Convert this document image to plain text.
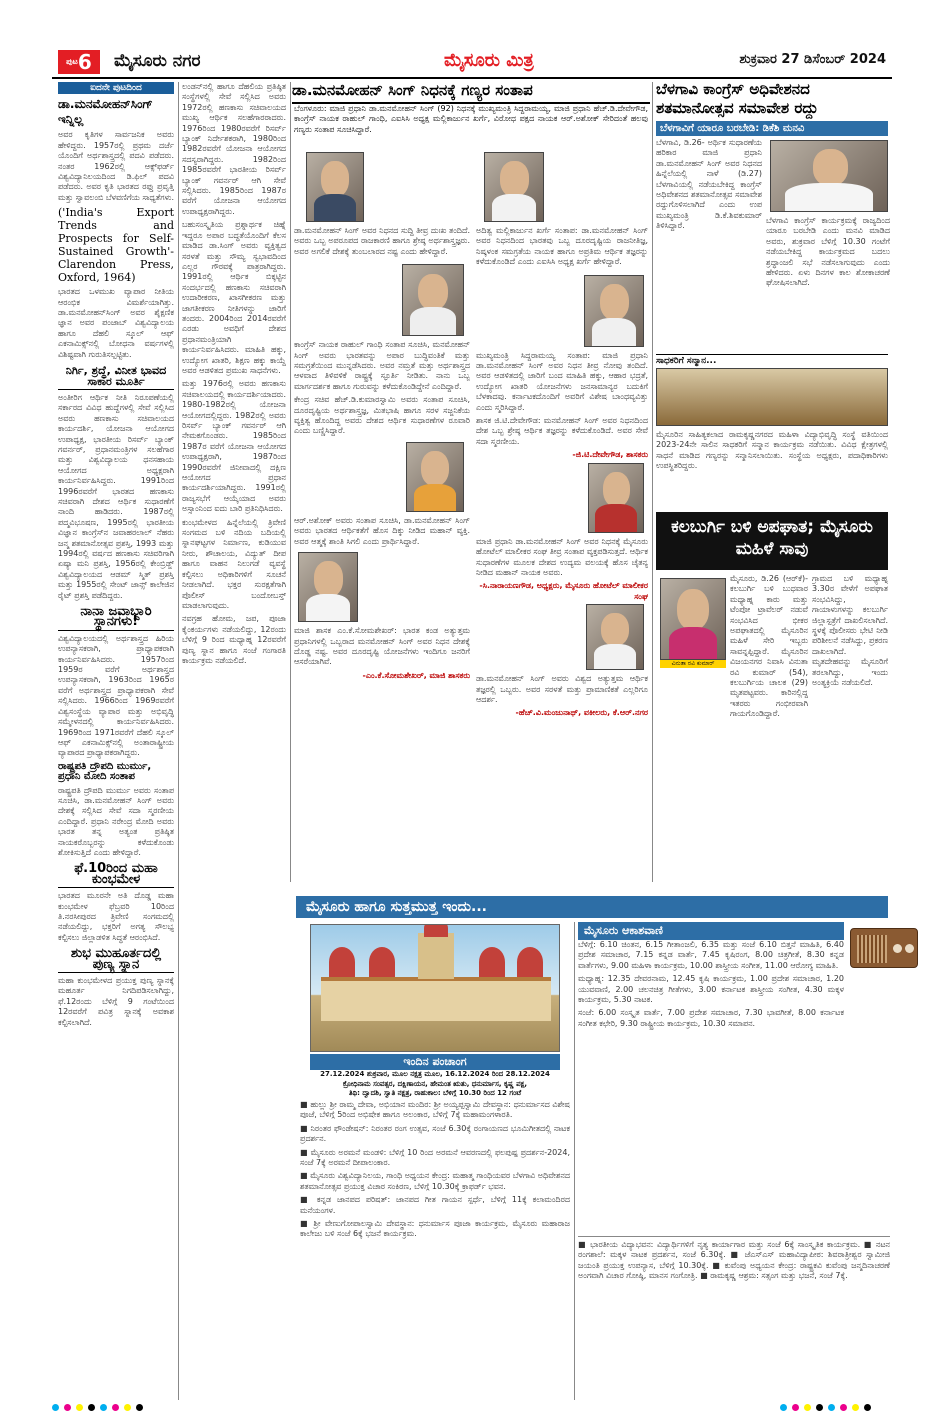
$^{ಪುಟ}$6	ಮೈಸೂರು ನಗರ	ಮೈಸೂರು ಮಿತ್ರ	ಶುಕ್ರವಾರ 27 ಡಿಸೆಂಬರ್ 2024
ಐದನೇ ಪುಟದಿಂದ
ಡಾ.ಮನಮೋಹನ್‌ಸಿಂಗ್ ಇನ್ನಿಲ್ಲ

ಅವರ ಕೃತಿಗಳ ಸಾರ್ವಜನಿಕ ಅವರು ಹೇಳಿದ್ದರು. 1957ರಲ್ಲಿ ಪ್ರಥಮ ದರ್ಜೆ ಯೊಂದಿಗೆ ಅರ್ಥಶಾಸ್ತ್ರದಲ್ಲಿ ಪದವಿ ಪಡೆದರು. ನಂತರ 1962ರಲ್ಲಿ ಆಕ್ಸ್‌ಫರ್ಡ್ ವಿಶ್ವವಿದ್ಯಾನಿಲಯದಿಂದ ಡಿ.ಫಿಲ್ ಪದವಿ ಪಡೆದರು. ಅವರ ಕೃತಿ ಭಾರತದ ರಫ್ತು ಪ್ರವೃತ್ತಿ ಮತ್ತು ಸ್ವಾವಲಂಬಿ ಬೆಳವಣಿಗೆಯ ಸಾಧ್ಯತೆಗಳು.

('India's Export Trends and Prospects for Self-Sustained Growth'-Clarendon Press, Oxford, 1964)

ಭಾರತದ ಒಳಮುಖ ವ್ಯಾಪಾರ ನೀತಿಯ ಆರಂಭಿಕ ವಿಮರ್ಶೆಯಾಗಿತ್ತು. ಡಾ.ಮನಮೋಹನ್‌ಸಿಂಗ್ ಅವರ ಶೈಕ್ಷಣಿಕ ಜ್ಞಾನ ಅವರ ಪಂಜಾಬ್ ವಿಶ್ವವಿದ್ಯಾಲಯ ಹಾಗೂ ದೆಹಲಿ ಸ್ಕೂಲ್ ಆಫ್ ಎಕನಾಮಿಕ್ಸ್‌ನಲ್ಲಿ ಬೋಧನಾ ವರ್ಷಗಳಲ್ಲಿ ವಿಶಿಷ್ಟವಾಗಿ ಗುರುತಿಸಲ್ಪಟ್ಟಿತು.

ನಿರ್ಗಿ, ಶ್ರದ್ಧೆ, ವಿನೀತ ಭಾವದ ಸಾಕಾರ ಮೂರ್ತಿ

ಅಂತೀರಿಗ ಆರ್ಥಿಕ ನೀತಿ ನಿರೂಪಣೆಯಲ್ಲಿ ಸರ್ಕಾರದ ವಿವಿಧ ಹುದ್ದೆಗಳಲ್ಲಿ ಸೇವೆ ಸಲ್ಲಿಸಿದ ಅವರು ಹಣಕಾಸು ಸಚಿವಾಲಯದ ಕಾರ್ಯದರ್ಶಿ, ಯೋಜನಾ ಆಯೋಗದ ಉಪಾಧ್ಯಕ್ಷ, ಭಾರತೀಯ ರಿಸರ್ವ್ ಬ್ಯಾಂಕ್ ಗವರ್ನರ್, ಪ್ರಧಾನಮಂತ್ರಿಗಳ ಸಲಹೆಗಾರ ಮತ್ತು ವಿಶ್ವವಿದ್ಯಾಲಯ ಧನಸಹಾಯ ಆಯೋಗದ ಅಧ್ಯಕ್ಷರಾಗಿ ಕಾರ್ಯನಿರ್ವಹಿಸಿದ್ದರು. 1991ರಿಂದ 1996ರವರೆಗೆ ಭಾರತದ ಹಣಕಾಸು ಸಚಿವರಾಗಿ ದೇಶದ ಆರ್ಥಿಕ ಸುಧಾರಣೆಗೆ ನಾಂದಿ ಹಾಡಿದರು. 1987ರಲ್ಲಿ ಪದ್ಮವಿಭೂಷಣ, 1995ರಲ್ಲಿ ಭಾರತೀಯ ವಿಜ್ಞಾನ ಕಾಂಗ್ರೆಸ್‌ನ ಜವಾಹರಲಾಲ್ ನೆಹರು ಜನ್ಮ ಶತಮಾನೋತ್ಸವ ಪ್ರಶಸ್ತಿ, 1993 ಮತ್ತು 1994ರಲ್ಲಿ ವರ್ಷದ ಹಣಕಾಸು ಸಚಿವರಿಗಾಗಿ ಏಷ್ಯಾ ಮನಿ ಪ್ರಶಸ್ತಿ, 1956ರಲ್ಲಿ ಕೇಂಬ್ರಿಡ್ಜ್ ವಿಶ್ವವಿದ್ಯಾಲಯದ ಆಡಮ್ ಸ್ಮಿತ್ ಪ್ರಶಸ್ತಿ ಮತ್ತು 1955ರಲ್ಲಿ ಸೇಂಟ್ ಜಾನ್ಸ್ ಕಾಲೇಜಿನ ರೈಟ್ ಪ್ರಶಸ್ತಿ ಪಡೆದಿದ್ದರು.

ನಾನಾ ಜವಾಬ್ದಾರಿ ಸ್ಥಾನಗಳು!

ವಿಶ್ವವಿದ್ಯಾಲಯದಲ್ಲಿ ಅರ್ಥಶಾಸ್ತ್ರದ ಹಿರಿಯ ಉಪನ್ಯಾಸಕರಾಗಿ, ಪ್ರಾಧ್ಯಾಪಕರಾಗಿ ಕಾರ್ಯನಿರ್ವಹಿಸಿದರು. 1957ರಿಂದ 1959ರ ವರೆಗೆ ಅರ್ಥಶಾಸ್ತ್ರದ ಉಪನ್ಯಾಸಕರಾಗಿ, 1963ರಿಂದ 1965ರ ವರೆಗೆ ಅರ್ಥಶಾಸ್ತ್ರದ ಪ್ರಾಧ್ಯಾಪಕರಾಗಿ ಸೇವೆ ಸಲ್ಲಿಸಿದರು. 1966ರಿಂದ 1969ರವರೆಗೆ ವಿಶ್ವಸಂಸ್ಥೆಯ ವ್ಯಾಪಾರ ಮತ್ತು ಅಭಿವೃದ್ಧಿ ಸಮ್ಮೇಳನದಲ್ಲಿ ಕಾರ್ಯನಿರ್ವಹಿಸಿದರು. 1969ರಿಂದ 1971ರವರೆಗೆ ದೆಹಲಿ ಸ್ಕೂಲ್ ಆಫ್ ಎಕನಾಮಿಕ್ಸ್‌ನಲ್ಲಿ ಅಂತಾರಾಷ್ಟ್ರೀಯ ವ್ಯಾಪಾರದ ಪ್ರಾಧ್ಯಾಪಕರಾಗಿದ್ದರು.

ರಾಷ್ಟ್ರಪತಿ ದ್ರೌಪದಿ ಮುರ್ಮು, ಪ್ರಧಾನಿ ಮೋದಿ ಸಂತಾಪ

ರಾಷ್ಟ್ರಪತಿ ದ್ರೌಪದಿ ಮುರ್ಮು ಅವರು ಸಂತಾಪ ಸೂಚಿಸಿ, ಡಾ.ಮನಮೋಹನ್ ಸಿಂಗ್ ಅವರು ದೇಶಕ್ಕೆ ಸಲ್ಲಿಸಿದ ಸೇವೆ ಸದಾ ಸ್ಮರಣೀಯ ಎಂದಿದ್ದಾರೆ. ಪ್ರಧಾನಿ ನರೇಂದ್ರ ಮೋದಿ ಅವರು ಭಾರತ ತನ್ನ ಅತ್ಯಂತ ಪ್ರತಿಷ್ಠಿತ ನಾಯಕರೊಬ್ಬರನ್ನು ಕಳೆದುಕೊಂಡು ಶೋಕಿಸುತ್ತಿದೆ ಎಂದು ಹೇಳಿದ್ದಾರೆ.

ಫೆ.10ರಿಂದ ಮಹಾ ಕುಂಭಮೇಳ

ಭಾರತದ ಮೂರನೇ ಅತಿ ದೊಡ್ಡ ಮಹಾ ಕುಂಭಮೇಳ ಫೆಬ್ರವರಿ 10ರಿಂದ ತಿ.ನರಸೀಪುರದ ತ್ರಿವೇಣಿ ಸಂಗಮದಲ್ಲಿ ನಡೆಯಲಿದ್ದು, ಭಕ್ತರಿಗೆ ಅಗತ್ಯ ಸೌಲಭ್ಯ ಕಲ್ಪಿಸಲು ಜಿಲ್ಲಾಡಳಿತ ಸಿದ್ಧತೆ ಆರಂಭಿಸಿದೆ.

ಶುಭ ಮುಹೂರ್ತದಲ್ಲಿ ಪುಣ್ಯ ಸ್ನಾನ

ಮಹಾ ಕುಂಭಮೇಳದ ಪ್ರಯುಕ್ತ ಪುಣ್ಯ ಸ್ನಾನಕ್ಕೆ ಮಹೂರ್ತ ನಿಗದಿಪಡಿಸಲಾಗಿದ್ದು, ಫೆ.12ರಂದು ಬೆಳಿಗ್ಗೆ 9 ಗಂಟೆಯಿಂದ 12ರವರೆಗೆ ಪವಿತ್ರ ಸ್ನಾನಕ್ಕೆ ಅವಕಾಶ ಕಲ್ಪಿಸಲಾಗಿದೆ.

ಲಂಡನ್‌ನಲ್ಲಿ ಹಾಗೂ ದೆಹಲಿಯ ಪ್ರತಿಷ್ಠಿತ ಸಂಸ್ಥೆಗಳಲ್ಲಿ ಸೇವೆ ಸಲ್ಲಿಸಿದ ಅವರು 1972ರಲ್ಲಿ ಹಣಕಾಸು ಸಚಿವಾಲಯದ ಮುಖ್ಯ ಆರ್ಥಿಕ ಸಲಹೆಗಾರರಾದರು. 1976ರಿಂದ 1980ರವರೆಗೆ ರಿಸರ್ವ್ ಬ್ಯಾಂಕ್ ನಿರ್ದೇಶಕರಾಗಿ, 1980ರಿಂದ 1982ರವರೆಗೆ ಯೋಜನಾ ಆಯೋಗದ ಸದಸ್ಯರಾಗಿದ್ದರು. 1982ರಿಂದ 1985ರವರೆಗೆ ಭಾರತೀಯ ರಿಸರ್ವ್ ಬ್ಯಾಂಕ್ ಗವರ್ನರ್ ಆಗಿ ಸೇವೆ ಸಲ್ಲಿಸಿದರು. 1985ರಿಂದ 1987ರ ವರೆಗೆ ಯೋಜನಾ ಆಯೋಗದ ಉಪಾಧ್ಯಕ್ಷರಾಗಿದ್ದರು.

ಬಹುಸಂಸ್ಕೃತಿಯ ಪ್ರಶ್ನಾರ್ಥಕ ಚಿಹ್ನೆ ಇದ್ದರೂ ಅಪಾರ ಬದ್ಧತೆಯೊಂದಿಗೆ ಕೆಲಸ ಮಾಡಿದ ಡಾ.ಸಿಂಗ್ ಅವರು ವ್ಯಕ್ತಿತ್ವದ ಸರಳತೆ ಮತ್ತು ಸೌಮ್ಯ ಸ್ವಭಾವದಿಂದ ಎಲ್ಲರ ಗೌರವಕ್ಕೆ ಪಾತ್ರರಾಗಿದ್ದರು. 1991ರಲ್ಲಿ ಆರ್ಥಿಕ ಬಿಕ್ಕಟ್ಟಿನ ಸಂದರ್ಭದಲ್ಲಿ ಹಣಕಾಸು ಸಚಿವರಾಗಿ ಉದಾರೀಕರಣ, ಖಾಸಗೀಕರಣ ಮತ್ತು ಜಾಗತೀಕರಣ ನೀತಿಗಳನ್ನು ಜಾರಿಗೆ ತಂದರು. 2004ರಿಂದ 2014ರವರೆಗೆ ಎರಡು ಅವಧಿಗೆ ದೇಶದ ಪ್ರಧಾನಮಂತ್ರಿಯಾಗಿ ಕಾರ್ಯನಿರ್ವಹಿಸಿದರು. ಮಾಹಿತಿ ಹಕ್ಕು, ಉದ್ಯೋಗ ಖಾತರಿ, ಶಿಕ್ಷಣ ಹಕ್ಕು ಕಾಯ್ದೆ ಅವರ ಆಡಳಿತದ ಪ್ರಮುಖ ಸಾಧನೆಗಳು.

ಮತ್ತು 1976ರಲ್ಲಿ ಅವರು ಹಣಕಾಸು ಸಚಿವಾಲಯದಲ್ಲಿ ಕಾರ್ಯದರ್ಶಿಯಾದರು. 1980-1982ರಲ್ಲಿ ಯೋಜನಾ ಆಯೋಗದಲ್ಲಿದ್ದರು. 1982ರಲ್ಲಿ ಅವರು ರಿಸರ್ವ್ ಬ್ಯಾಂಕ್ ಗವರ್ನರ್ ಆಗಿ ನೇಮಕಗೊಂಡರು. 1985ರಿಂದ 1987ರ ವರೆಗೆ ಯೋಜನಾ ಆಯೋಗದ ಉಪಾಧ್ಯಕ್ಷರಾಗಿ, 1987ರಿಂದ 1990ರವರೆಗೆ ಜಿನೀವಾದಲ್ಲಿ ದಕ್ಷಿಣ ಆಯೋಗದ ಪ್ರಧಾನ ಕಾರ್ಯದರ್ಶಿಯಾಗಿದ್ದರು. 1991ರಲ್ಲಿ ರಾಜ್ಯಸಭೆಗೆ ಆಯ್ಕೆಯಾದ ಅವರು ಅಸ್ಸಾಂನಿಂದ ಐದು ಬಾರಿ ಪ್ರತಿನಿಧಿಸಿದರು.

ಕುಂಭಮೇಳದ ಹಿನ್ನೆಲೆಯಲ್ಲಿ ತ್ರಿವೇಣಿ ಸಂಗಮದ ಬಳಿ ನದಿಯ ಬದಿಯಲ್ಲಿ ಸ್ನಾನಘಟ್ಟಗಳ ನಿರ್ಮಾಣ, ಕುಡಿಯುವ ನೀರು, ಶೌಚಾಲಯ, ವಿದ್ಯುತ್ ದೀಪ ಹಾಗೂ ವಾಹನ ನಿಲುಗಡೆ ವ್ಯವಸ್ಥೆ ಕಲ್ಪಿಸಲು ಅಧಿಕಾರಿಗಳಿಗೆ ಸೂಚನೆ ನೀಡಲಾಗಿದೆ. ಭಕ್ತರ ಸುರಕ್ಷತೆಗಾಗಿ ಪೊಲೀಸ್ ಬಂದೋಬಸ್ತ್ ಮಾಡಲಾಗುವುದು.

ನವಗ್ರಹ ಹೋಮ, ಜಪ, ಪೂಜಾ ಕೈಂಕರ್ಯಗಳು ನಡೆಯಲಿದ್ದು, 12ರಂದು ಬೆಳಿಗ್ಗೆ 9 ರಿಂದ ಮಧ್ಯಾಹ್ನ 12ರವರೆಗೆ ಪುಣ್ಯ ಸ್ನಾನ ಹಾಗೂ ಸಂಜೆ ಗಂಗಾರತಿ ಕಾರ್ಯಕ್ರಮ ನಡೆಯಲಿದೆ.

ಡಾ.ಮನಮೋಹನ್ ಸಿಂಗ್ ನಿಧನಕ್ಕೆ ಗಣ್ಯರ ಸಂತಾಪ

ಬೆಂಗಳೂರು: ಮಾಜಿ ಪ್ರಧಾನಿ ಡಾ.ಮನಮೋಹನ್ ಸಿಂಗ್ (92) ನಿಧನಕ್ಕೆ ಮುಖ್ಯಮಂತ್ರಿ ಸಿದ್ದರಾಮಯ್ಯ, ಮಾಜಿ ಪ್ರಧಾನಿ ಹೆಚ್.ಡಿ.ದೇವೇಗೌಡ, ಕಾಂಗ್ರೆಸ್ ನಾಯಕ ರಾಹುಲ್ ಗಾಂಧಿ, ಎಐಸಿಸಿ ಅಧ್ಯಕ್ಷ ಮಲ್ಲಿಕಾರ್ಜುನ ಖರ್ಗೆ, ವಿರೋಧ ಪಕ್ಷದ ನಾಯಕ ಆರ್.ಅಶೋಕ್ ಸೇರಿದಂತೆ ಹಲವು ಗಣ್ಯರು ಸಂತಾಪ ಸೂಚಿಸಿದ್ದಾರೆ.

ಡಾ.ಮನಮೋಹನ್ ಸಿಂಗ್ ಅವರ ನಿಧನದ ಸುದ್ದಿ ತೀವ್ರ ದುಃಖ ತಂದಿದೆ. ಅವರು ಒಬ್ಬ ಅಪರೂಪದ ರಾಜಕಾರಣಿ ಹಾಗೂ ಶ್ರೇಷ್ಠ ಅರ್ಥಶಾಸ್ತ್ರಜ್ಞರು. ಅವರ ಅಗಲಿಕೆ ದೇಶಕ್ಕೆ ತುಂಬಲಾರದ ನಷ್ಟ ಎಂದು ಹೇಳಿದ್ದಾರೆ.

ಕಾಂಗ್ರೆಸ್ ನಾಯಕ ರಾಹುಲ್ ಗಾಂಧಿ ಸಂತಾಪ ಸೂಚಿಸಿ, ಮನಮೋಹನ್ ಸಿಂಗ್ ಅವರು ಭಾರತವನ್ನು ಅಪಾರ ಬುದ್ಧಿವಂತಿಕೆ ಮತ್ತು ಸಮಗ್ರತೆಯಿಂದ ಮುನ್ನಡೆಸಿದರು. ಅವರ ನಮ್ರತೆ ಮತ್ತು ಅರ್ಥಶಾಸ್ತ್ರದ ಆಳವಾದ ತಿಳಿವಳಿಕೆ ರಾಷ್ಟ್ರಕ್ಕೆ ಸ್ಫೂರ್ತಿ ನೀಡಿತು. ನಾನು ಒಬ್ಬ ಮಾರ್ಗದರ್ಶಕ ಹಾಗೂ ಗುರುವನ್ನು ಕಳೆದುಕೊಂಡಿದ್ದೇನೆ ಎಂದಿದ್ದಾರೆ.

ಕೇಂದ್ರ ಸಚಿವ ಹೆಚ್.ಡಿ.ಕುಮಾರಸ್ವಾಮಿ ಅವರು ಸಂತಾಪ ಸೂಚಿಸಿ, ದೂರದೃಷ್ಟಿಯ ಅರ್ಥಶಾಸ್ತ್ರಜ್ಞ, ಮಿತಭಾಷಿ ಹಾಗೂ ಸರಳ ಸಜ್ಜನಿಕೆಯ ವ್ಯಕ್ತಿತ್ವ ಹೊಂದಿದ್ದ ಅವರು ದೇಶದ ಆರ್ಥಿಕ ಸುಧಾರಣೆಗಳ ರೂವಾರಿ ಎಂದು ಬಣ್ಣಿಸಿದ್ದಾರೆ.

ಆರ್.ಅಶೋಕ್ ಅವರು ಸಂತಾಪ ಸೂಚಿಸಿ, ಡಾ.ಮನಮೋಹನ್ ಸಿಂಗ್ ಅವರು ಭಾರತದ ಆರ್ಥಿಕತೆಗೆ ಹೊಸ ದಿಕ್ಕು ನೀಡಿದ ಮಹಾನ್ ವ್ಯಕ್ತಿ. ಅವರ ಆತ್ಮಕ್ಕೆ ಶಾಂತಿ ಸಿಗಲಿ ಎಂದು ಪ್ರಾರ್ಥಿಸಿದ್ದಾರೆ.

ಮಾಜಿ ಶಾಸಕ ಎಂ.ಕೆ.ಸೋಮಶೇಖರ್: ಭಾರತ ಕಂಡ ಅತ್ಯುತ್ತಮ ಪ್ರಧಾನಿಗಳಲ್ಲಿ ಒಬ್ಬರಾದ ಮನಮೋಹನ್ ಸಿಂಗ್ ಅವರ ನಿಧನ ದೇಶಕ್ಕೆ ದೊಡ್ಡ ನಷ್ಟ. ಅವರ ದೂರದೃಷ್ಟಿ ಯೋಜನೆಗಳು ಇಂದಿಗೂ ಜನರಿಗೆ ಆಸರೆಯಾಗಿವೆ.

-ಎಂ.ಕೆ.ಸೋಮಶೇಖರ್, ಮಾಜಿ ಶಾಸಕರು

ಅದಿತ್ವ ಮಲ್ಲಿಕಾರ್ಜುನ ಖರ್ಗೆ ಸಂತಾಪ: ಡಾ.ಮನಮೋಹನ್ ಸಿಂಗ್ ಅವರ ನಿಧನದಿಂದ ಭಾರತವು ಒಬ್ಬ ದೂರದೃಷ್ಟಿಯ ರಾಜನೀತಿಜ್ಞ, ನಿಷ್ಕಳಂಕ ಸಮಗ್ರತೆಯ ನಾಯಕ ಹಾಗೂ ಅಪ್ರತಿಮ ಆರ್ಥಿಕ ತಜ್ಞರನ್ನು ಕಳೆದುಕೊಂಡಿದೆ ಎಂದು ಎಐಸಿಸಿ ಅಧ್ಯಕ್ಷ ಖರ್ಗೆ ಹೇಳಿದ್ದಾರೆ.

ಮುಖ್ಯಮಂತ್ರಿ ಸಿದ್ದರಾಮಯ್ಯ ಸಂತಾಪ: ಮಾಜಿ ಪ್ರಧಾನಿ ಡಾ.ಮನಮೋಹನ್ ಸಿಂಗ್ ಅವರ ನಿಧನ ತೀವ್ರ ನೋವು ತಂದಿದೆ. ಅವರ ಆಡಳಿತದಲ್ಲಿ ಜಾರಿಗೆ ಬಂದ ಮಾಹಿತಿ ಹಕ್ಕು, ಆಹಾರ ಭದ್ರತೆ, ಉದ್ಯೋಗ ಖಾತರಿ ಯೋಜನೆಗಳು ಜನಸಾಮಾನ್ಯರ ಬದುಕಿಗೆ ಬೆಳಕಾದವು. ಕರ್ನಾಟಕದೊಂದಿಗೆ ಅವರಿಗೆ ವಿಶೇಷ ಬಾಂಧವ್ಯವಿತ್ತು ಎಂದು ಸ್ಮರಿಸಿದ್ದಾರೆ.

ಶಾಸಕ ಜಿ.ಟಿ.ದೇವೇಗೌಡ: ಮನಮೋಹನ್ ಸಿಂಗ್ ಅವರ ನಿಧನದಿಂದ ದೇಶ ಒಬ್ಬ ಶ್ರೇಷ್ಠ ಆರ್ಥಿಕ ತಜ್ಞರನ್ನು ಕಳೆದುಕೊಂಡಿದೆ. ಅವರ ಸೇವೆ ಸದಾ ಸ್ಮರಣೀಯ.

-ಜಿ.ಟಿ.ದೇವೇಗೌಡ, ಶಾಸಕರು

ಮಾಜಿ ಪ್ರಧಾನಿ ಡಾ.ಮನಮೋಹನ್ ಸಿಂಗ್ ಅವರ ನಿಧನಕ್ಕೆ ಮೈಸೂರು ಹೋಟೆಲ್ ಮಾಲೀಕರ ಸಂಘ ತೀವ್ರ ಸಂತಾಪ ವ್ಯಕ್ತಪಡಿಸುತ್ತದೆ. ಆರ್ಥಿಕ ಸುಧಾರಣೆಗಳ ಮೂಲಕ ದೇಶದ ಉದ್ಯಮ ವಲಯಕ್ಕೆ ಹೊಸ ಚೈತನ್ಯ ನೀಡಿದ ಮಹಾನ್ ನಾಯಕ ಅವರು.

-ಸಿ.ನಾರಾಯಣಗೌಡ, ಅಧ್ಯಕ್ಷರು, ಮೈಸೂರು ಹೋಟೆಲ್ ಮಾಲೀಕರ ಸಂಘ

ಡಾ.ಮನಮೋಹನ್ ಸಿಂಗ್ ಅವರು ವಿಶ್ವದ ಅತ್ಯುತ್ತಮ ಆರ್ಥಿಕ ತಜ್ಞರಲ್ಲಿ ಒಬ್ಬರು. ಅವರ ಸರಳತೆ ಮತ್ತು ಪ್ರಾಮಾಣಿಕತೆ ಎಲ್ಲರಿಗೂ ಆದರ್ಶ.

-ಹೆಚ್.ವಿ.ಮಂಜುನಾಥ್, ವಕೀಲರು, ಕೆ.ಆರ್.ನಗರ
ಬೆಳಗಾವಿ ಕಾಂಗ್ರೆಸ್ ಅಧಿವೇಶನದ ಶತಮಾನೋತ್ಸವ ಸಮಾವೇಶ ರದ್ದು
ಬೆಳಗಾವಿಗೆ ಯಾರೂ ಬರಬೇಡಿ: ಡಿಕೆಶಿ ಮನವಿ

ಬೆಳಗಾವಿ, ಡಿ.26- ಅರ್ಥಿಕ ಸುಧಾರಣೆಯ ಹರಿಕಾರ ಮಾಜಿ ಪ್ರಧಾನಿ ಡಾ.ಮನಮೋಹನ್ ಸಿಂಗ್ ಅವರ ನಿಧನದ ಹಿನ್ನೆಲೆಯಲ್ಲಿ ನಾಳೆ (ಡಿ.27) ಬೆಳಗಾವಿಯಲ್ಲಿ ನಡೆಯಬೇಕಿದ್ದ ಕಾಂಗ್ರೆಸ್ ಅಧಿವೇಶನದ ಶತಮಾನೋತ್ಸವ ಸಮಾವೇಶ ರದ್ದುಗೊಳಿಸಲಾಗಿದೆ ಎಂದು ಉಪ ಮುಖ್ಯಮಂತ್ರಿ ಡಿ.ಕೆ.ಶಿವಕುಮಾರ್ ತಿಳಿಸಿದ್ದಾರೆ.

ಬೆಳಗಾವಿ ಕಾಂಗ್ರೆಸ್ ಕಾರ್ಯಕ್ರಮಕ್ಕೆ ರಾಜ್ಯದಿಂದ ಯಾರೂ ಬರಬೇಡಿ ಎಂದು ಮನವಿ ಮಾಡಿದ ಅವರು, ಶುಕ್ರವಾರ ಬೆಳಿಗ್ಗೆ 10.30 ಗಂಟೆಗೆ ನಡೆಯಬೇಕಿದ್ದ ಕಾರ್ಯಕ್ರಮದ ಬದಲು ಶ್ರದ್ಧಾಂಜಲಿ ಸಭೆ ನಡೆಸಲಾಗುವುದು ಎಂದು ಹೇಳಿದರು. ಏಳು ದಿನಗಳ ಕಾಲ ಶೋಕಾಚರಣೆ ಘೋಷಿಸಲಾಗಿದೆ.

ಸಾಧಕರಿಗೆ ಸನ್ಮಾನ...

ಮೈಸೂರಿನ ಸಾಹಿತ್ಯಕಲಾದ ರಾಮಕೃಷ್ಣನಗರದ ಮಹಿಳಾ ವಿದ್ಯಾಭಿವೃದ್ಧಿ ಸಂಸ್ಥೆ ವತಿಯಿಂದ 2023-24ನೇ ಸಾಲಿನ ಸಾಧಕರಿಗೆ ಸನ್ಮಾನ ಕಾರ್ಯಕ್ರಮ ನಡೆಯಿತು. ವಿವಿಧ ಕ್ಷೇತ್ರಗಳಲ್ಲಿ ಸಾಧನೆ ಮಾಡಿದ ಗಣ್ಯರನ್ನು ಸನ್ಮಾನಿಸಲಾಯಿತು. ಸಂಸ್ಥೆಯ ಅಧ್ಯಕ್ಷರು, ಪದಾಧಿಕಾರಿಗಳು ಉಪಸ್ಥಿತರಿದ್ದರು.

ಕಲಬುರ್ಗಿ ಬಳಿ ಅಪಘಾತ; ಮೈಸೂರು ಮಹಿಳೆ ಸಾವು
ವಿನುತಾ ರವಿ ಕುಮಾರ್

ಮೈಸೂರು, ಡಿ.26 (ಆರ್‌ಕೆ)- ಕಲಬುರ್ಗಿ ಬಳಿ ಬುಧವಾರ ಮಧ್ಯಾಹ್ನ ಕಾರು ಮತ್ತು ಟೆಂಪೋ ಟ್ರಾವೆಲರ್ ನಡುವೆ ಸಂಭವಿಸಿದ ಭೀಕರ ಅಪಘಾತದಲ್ಲಿ ಮೈಸೂರಿನ ಮಹಿಳೆ ಸೇರಿ ಇಬ್ಬರು ಸಾವನ್ನಪ್ಪಿದ್ದಾರೆ. ಮೈಸೂರಿನ ವಿಜಯನಗರ ನಿವಾಸಿ ವಿನುತಾ ರವಿ ಕುಮಾರ್ (54), ಕಲಬುರ್ಗಿಯ ಚಾಲಕ (29) ಮೃತಪಟ್ಟವರು. ಕಾರಿನಲ್ಲಿದ್ದ ಇತರರು ಗಂಭೀರವಾಗಿ ಗಾಯಗೊಂಡಿದ್ದಾರೆ.

ಗ್ರಾಮದ ಬಳಿ ಮಧ್ಯಾಹ್ನ 3.30ರ ವೇಳೆಗೆ ಅಪಘಾತ ಸಂಭವಿಸಿದ್ದು, ಗಾಯಾಳುಗಳನ್ನು ಕಲಬುರ್ಗಿ ಜಿಲ್ಲಾಸ್ಪತ್ರೆಗೆ ದಾಖಲಿಸಲಾಗಿದೆ. ಸ್ಥಳಕ್ಕೆ ಪೊಲೀಸರು ಭೇಟಿ ನೀಡಿ ಪರಿಶೀಲನೆ ನಡೆಸಿದ್ದು, ಪ್ರಕರಣ ದಾಖಲಾಗಿದೆ. ಮೃತದೇಹವನ್ನು ಮೈಸೂರಿಗೆ ತರಲಾಗಿದ್ದು, ಇಂದು ಅಂತ್ಯಕ್ರಿಯೆ ನಡೆಯಲಿದೆ.

ಮೈಸೂರು ಹಾಗೂ ಸುತ್ತಮುತ್ತ ಇಂದು...
ಇಂದಿನ ಪಂಚಾಂಗ
27.12.2024 ಶುಕ್ರವಾರ, ಮೂಲ ನಕ್ಷತ್ರ ಮೂಲ, 16.12.2024 ರಿಂದ 28.12.2024
ಕ್ರೋಧಿನಾಮ ಸಂವತ್ಸರ, ದಕ್ಷಿಣಾಯನ, ಹೇಮಂತ ಋತು, ಧನುರ್ಮಾಸ, ಕೃಷ್ಣ ಪಕ್ಷ,
ತಿಥಿ: ದ್ವಾದಶಿ, ಸ್ವಾತಿ ನಕ್ಷತ್ರ, ರಾಹುಕಾಲ: ಬೆಳಿಗ್ಗೆ 10.30 ರಿಂದ 12 ಗಂಟೆ

■ ಹುಲ್ಲು ಶ್ರೀ ರಾಮ್ಮ ದೇವಾ, ಅಭಿಯಾನ ಮಂದಿರ: ಶ್ರೀ ಅಯ್ಯಪ್ಪಸ್ವಾಮಿ ದೇವಸ್ಥಾನ: ಧನುರ್ಮಾಸದ ವಿಶೇಷ ಪೂಜೆ, ಬೆಳಿಗ್ಗೆ 5ರಿಂದ ಅಭಿಷೇಕ ಹಾಗೂ ಅಲಂಕಾರ, ಬೆಳಿಗ್ಗೆ 7ಕ್ಕೆ ಮಹಾಮಂಗಳಾರತಿ.

■ ನಿರಂತರ ಫೌಂಡೇಷನ್: ನಿರಂತರ ರಂಗ ಉತ್ಸವ, ಸಂಜೆ 6.30ಕ್ಕೆ ರಂಗಾಯಣದ ಭೂಮಿಗೀತದಲ್ಲಿ ನಾಟಕ ಪ್ರದರ್ಶನ.

■ ಮೈಸೂರು ಅರಮನೆ ಮಂಡಳಿ: ಬೆಳಿಗ್ಗೆ 10 ರಿಂದ ಅರಮನೆ ಆವರಣದಲ್ಲಿ ಫಲಪುಷ್ಪ ಪ್ರದರ್ಶನ-2024, ಸಂಜೆ 7ಕ್ಕೆ ಅರಮನೆ ದೀಪಾಲಂಕಾರ.

■ ಮೈಸೂರು ವಿಶ್ವವಿದ್ಯಾನಿಲಯ, ಗಾಂಧಿ ಅಧ್ಯಯನ ಕೇಂದ್ರ: ಮಹಾತ್ಮ ಗಾಂಧಿಯವರ ಬೆಳಗಾವಿ ಅಧಿವೇಶನದ ಶತಮಾನೋತ್ಸವ ಪ್ರಯುಕ್ತ ವಿಚಾರ ಸಂಕಿರಣ, ಬೆಳಿಗ್ಗೆ 10.30ಕ್ಕೆ ಕ್ರಾಫರ್ಡ್ ಭವನ.

■ ಕನ್ನಡ ಜಾನಪದ ಪರಿಷತ್: ಜಾನಪದ ಗೀತ ಗಾಯನ ಸ್ಪರ್ಧೆ, ಬೆಳಿಗ್ಗೆ 11ಕ್ಕೆ ಕಲಾಮಂದಿರದ ಮನೆಯಂಗಳ.

■ ಶ್ರೀ ವೇಣುಗೋಪಾಲಸ್ವಾಮಿ ದೇವಸ್ಥಾನ: ಧನುರ್ಮಾಸ ಪೂಜಾ ಕಾರ್ಯಕ್ರಮ, ಮೈಸೂರು ಮಹಾರಾಜ ಕಾಲೇಜು ಬಳಿ ಸಂಜೆ 6ಕ್ಕೆ ಭಜನೆ ಕಾರ್ಯಕ್ರಮ.

ಮೈಸೂರು ಆಕಾಶವಾಣಿ

ಬೆಳಿಗ್ಗೆ: 6.10 ಚಿಂತನ, 6.15 ಗೀತಾಂಜಲಿ, 6.35 ಮತ್ತು ಸಂಜೆ 6.10 ಬಿತ್ತನೆ ಮಾಹಿತಿ, 6.40 ಪ್ರದೇಶ ಸಮಾಚಾರ, 7.15 ಕನ್ನಡ ವಾರ್ತೆ, 7.45 ಕೃಷಿರಂಗ, 8.00 ಚಿತ್ರಗೀತೆ, 8.30 ಕನ್ನಡ ವಾರ್ತೆಗಳು, 9.00 ಮಹಿಳಾ ಕಾರ್ಯಕ್ರಮ, 10.00 ಶಾಸ್ತ್ರೀಯ ಸಂಗೀತ, 11.00 ಆರೋಗ್ಯ ಮಾಹಿತಿ.

ಮಧ್ಯಾಹ್ನ: 12.35 ದೇವರನಾಮ, 12.45 ಕೃಷಿ ಕಾರ್ಯಕ್ರಮ, 1.00 ಪ್ರದೇಶ ಸಮಾಚಾರ, 1.20 ಯುವವಾಣಿ, 2.00 ಚಲನಚಿತ್ರ ಗೀತೆಗಳು, 3.00 ಕರ್ನಾಟಕ ಶಾಸ್ತ್ರೀಯ ಸಂಗೀತ, 4.30 ಮಕ್ಕಳ ಕಾರ್ಯಕ್ರಮ, 5.30 ನಾಟಕ.

ಸಂಜೆ: 6.00 ಸಂಸ್ಕೃತ ವಾರ್ತೆ, 7.00 ಪ್ರದೇಶ ಸಮಾಚಾರ, 7.30 ಭಾವಗೀತೆ, 8.00 ಕರ್ನಾಟಕ ಸಂಗೀತ ಕಛೇರಿ, 9.30 ರಾಷ್ಟ್ರೀಯ ಕಾರ್ಯಕ್ರಮ, 10.30 ಸಮಾಪನ.

■ ಭಾರತೀಯ ವಿದ್ಯಾಭವನ: ವಿದ್ಯಾರ್ಥಿಗಳಿಗೆ ನೃತ್ಯ ಕಾರ್ಯಾಗಾರ ಮತ್ತು ಸಂಜೆ 6ಕ್ಕೆ ಸಾಂಸ್ಕೃತಿಕ ಕಾರ್ಯಕ್ರಮ. ■ ನಟನ ರಂಗಶಾಲೆ: ಮಕ್ಕಳ ನಾಟಕ ಪ್ರದರ್ಶನ, ಸಂಜೆ 6.30ಕ್ಕೆ. ■ ಜೆಎಸ್‌ಎಸ್ ಮಹಾವಿದ್ಯಾಪೀಠ: ಶಿವರಾತ್ರೀಶ್ವರ ಸ್ವಾಮೀಜಿ ಜಯಂತಿ ಪ್ರಯುಕ್ತ ಉಪನ್ಯಾಸ, ಬೆಳಿಗ್ಗೆ 10.30ಕ್ಕೆ. ■ ಕುವೆಂಪು ಅಧ್ಯಯನ ಕೇಂದ್ರ: ರಾಷ್ಟ್ರಕವಿ ಕುವೆಂಪು ಜನ್ಮದಿನಾಚರಣೆ ಅಂಗವಾಗಿ ವಿಚಾರ ಗೋಷ್ಠಿ, ಮಾನಸ ಗಂಗೋತ್ರಿ. ■ ರಾಮಕೃಷ್ಣ ಆಶ್ರಮ: ಸತ್ಸಂಗ ಮತ್ತು ಭಜನೆ, ಸಂಜೆ 7ಕ್ಕೆ.
